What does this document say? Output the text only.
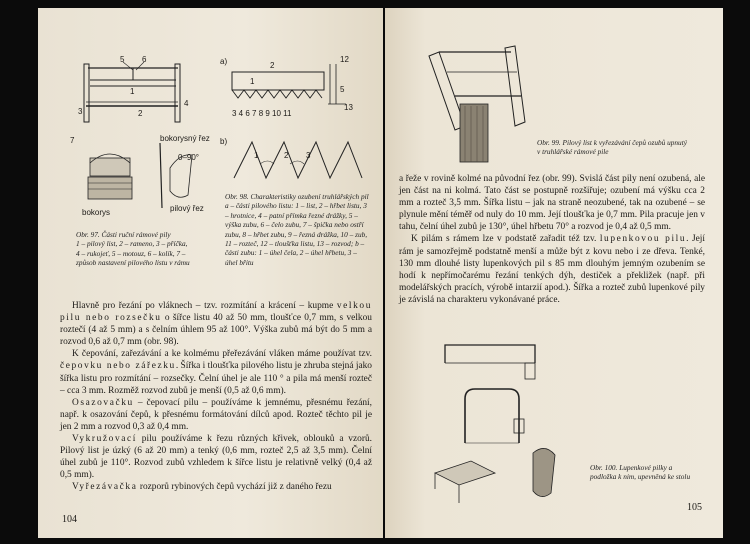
5 6
1
2
3
4
7	bokorysný řez
0–90°
bokorys	pilový řez
Obr. 97. Části ruční rámové pily
1 – pilový list, 2 – rameno, 3 – příčka, 4 – rukojeť, 5 – motouz, 6 – kolík, 7 – způsob nastavení pilového listu v rámu
a)	2
1
12
5
13
3 4 6 7 8 9 10 11
b)
1	2 3
Obr. 98. Charakteristiky ozubení truhlářských pil
a – části pilového listu: 1 – list, 2 – hřbet listu, 3 – hrotnice, 4 – patní přímka řezné drážky, 5 – výška zubu, 6 – čelo zubu, 7 – špička nebo ostří zubu, 8 – hřbet zubu, 9 – řezná drážka, 10 – zub, 11 – rozteč, 12 – tloušťka listu, 13 – rozvod; b – části zubu: 1 – úhel čela, 2 – úhel hřbetu, 3 – úhel břitu

Hlavně pro řezání po vláknech – tzv. rozmítání a krácení – kupme velkou pilu nebo rozsečku o šířce listu 40 až 50 mm, tloušťce 0,7 mm, s velkou roztečí (4 až 5 mm) a s čelním úhlem 95 až 100°. Výška zubů má být do 5 mm a rozvod 0,6 až 0,7 mm (obr. 98).

K čepování, zařezávání a ke kolmému přeřezávání vláken máme používat tzv. čepovku nebo zářezku. Šířka i tloušťka pilového listu je zhruba stejná jako šířka listu pro rozmítání – rozsečky. Čelní úhel je ale 110 ° a pila má menší rozteč – cca 3 mm. Rozměž rozvod zubů je menší (0,5 až 0,6 mm).

Osazovačku – čepovací pilu – používáme k jemnému, přesnému řezání, např. k osazování čepů, k přesnému formátování dílců apod. Rozteč těchto pil je jen 2 mm a rozvod 0,3 až 0,4 mm.

Vykružovací pilu používáme k řezu různých křivek, oblouků a vzorů. Pilový list je úzký (6 až 20 mm) a tenký (0,6 mm, rozteč 2,5 až 3,5 mm). Čelní úhel zubů je 110°. Rozvod zubů vzhledem k šířce listu je relativně velký (0,4 až 0,5 mm).

Vyřezávačka rozporů rybinových čepů vychází již z daného řezu

104
Obr. 99. Pilový list k vyřezávání čepů ozubů upnutý v truhlářské rámové pile

a řeže v rovině kolmé na původní řez (obr. 99). Svislá část pily není ozubená, ale jen část na ni kolmá. Tato část se postupně rozšiřuje; ozubení má výšku cca 2 mm a rozteč 3,5 mm. Šířka listu – jak na straně neozubené, tak na ozubené – se plynule mění téměř od nuly do 10 mm. Její tloušťka je 0,7 mm. Pila pracuje jen v tahu, čelní úhel zubů je 130°, úhel hřbetu 70° a rozvod je 0,4 až 0,5 mm.

K pilám s rámem lze v podstatě zařadit též tzv. lupenkovou pilu. Její rám je samozřejmě podstatně menší a může být z kovu nebo i ze dřeva. Tenké, 130 mm dlouhé listy lupenkových pil s 85 mm dlouhým jemným ozubením se hodí k nepřímočarému řezání tenkých dýh, destiček a překližek (např. při modelářských pracích, výrobě intarzií apod.). Šířka a rozteč zubů lupenkové pily je závislá na charakteru vykonávané práce.

Obr. 100. Lupenkové pilky a podložka k nim, upevněná ke stolu
105
